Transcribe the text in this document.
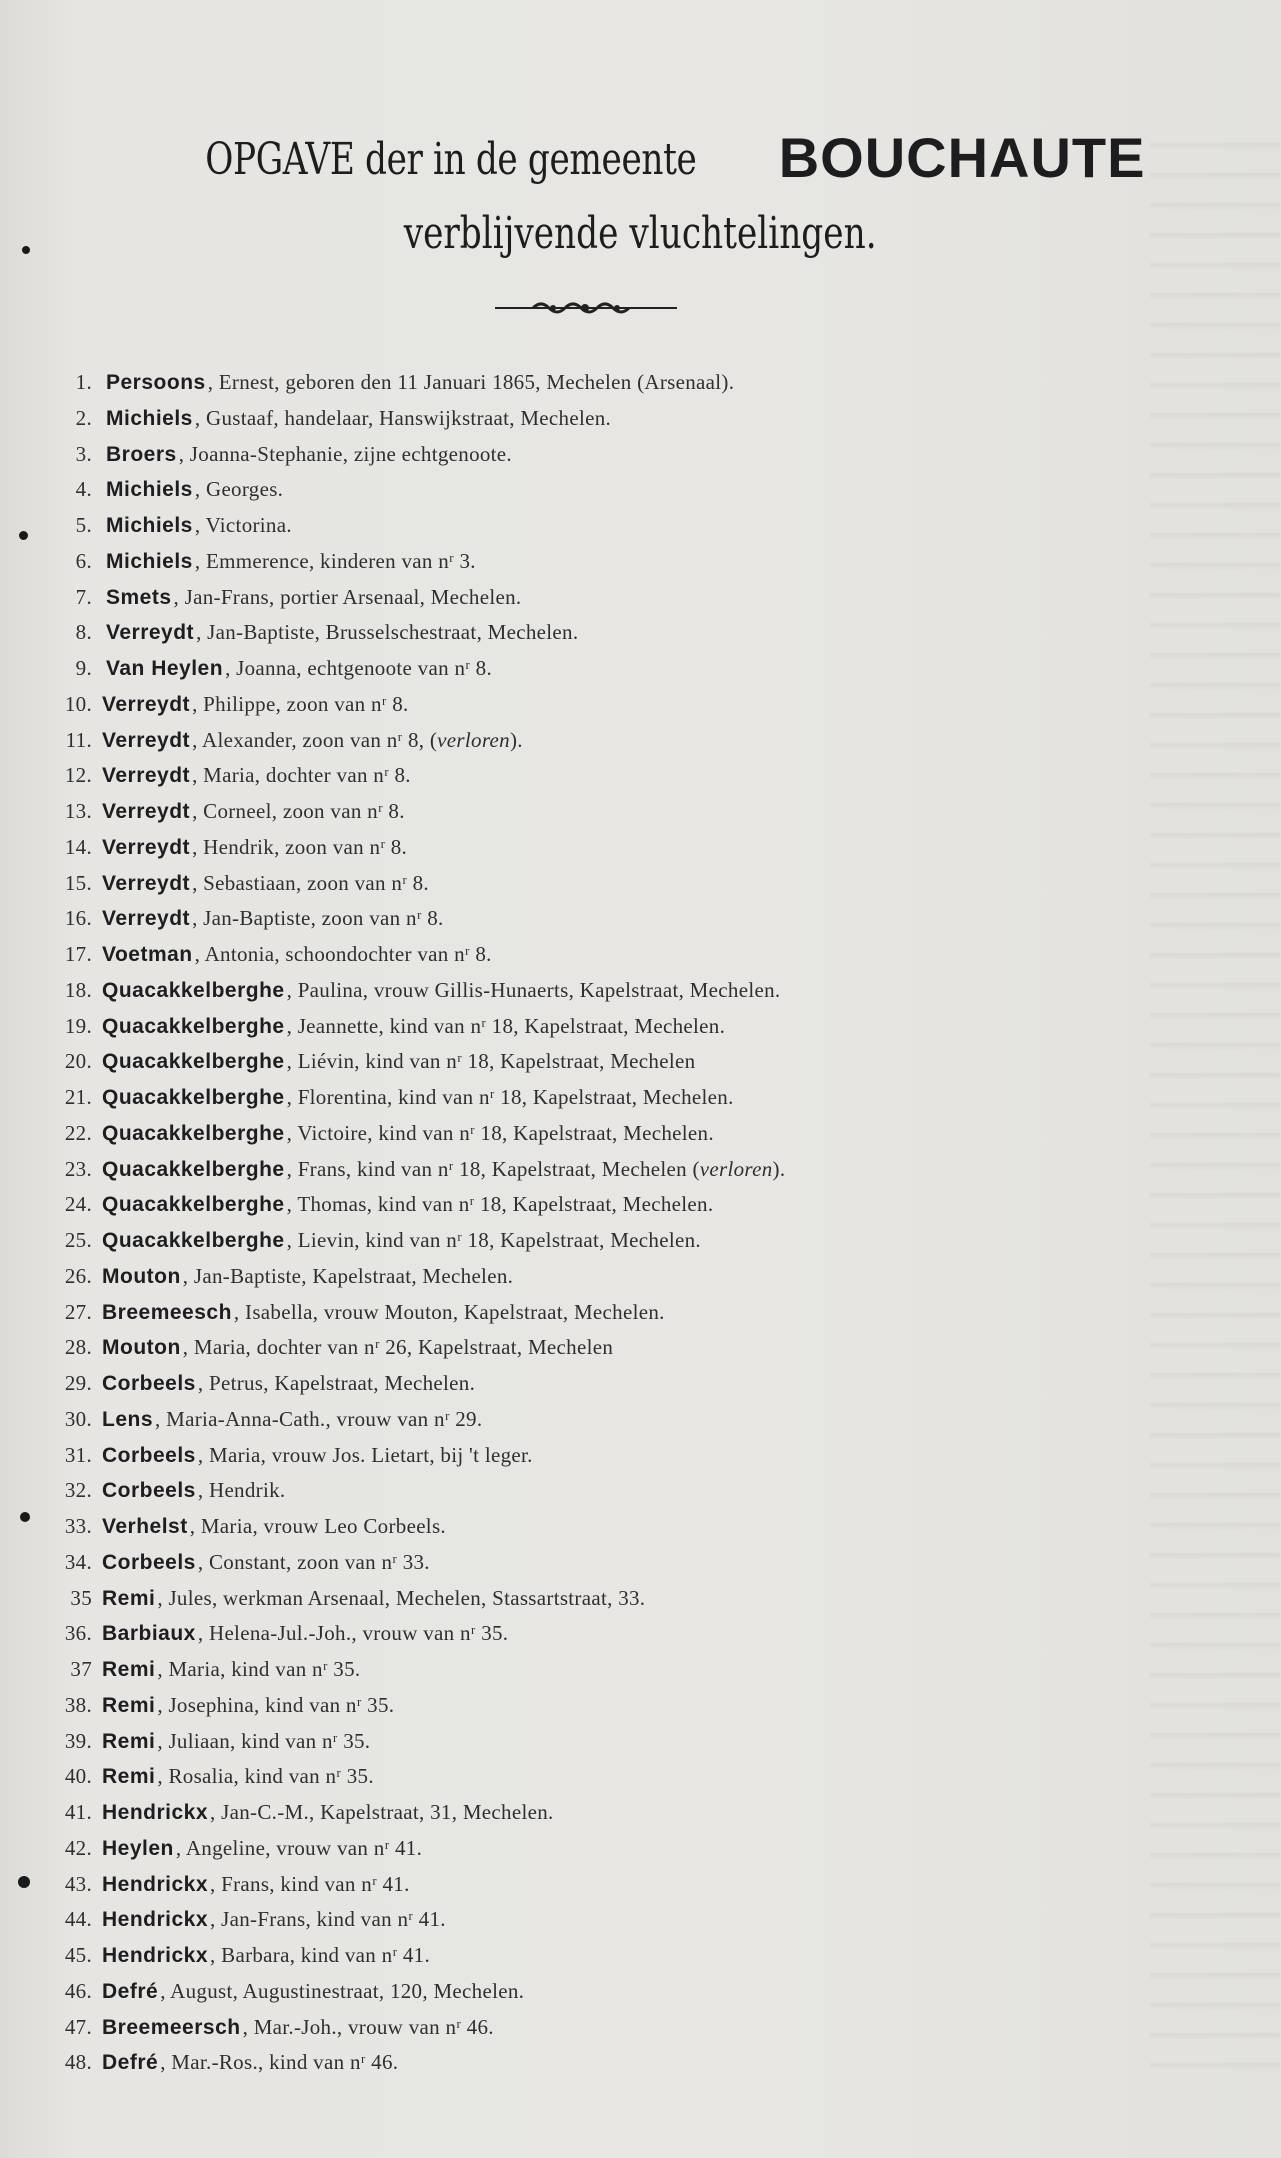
OPGAVE der in de gemeente BOUCHAUTE
verblijvende vluchtelingen.
1. Persoons, Ernest, geboren den 11 Januari 1865, Mechelen (Arsenaal).
2. Michiels, Gustaaf, handelaar, Hanswijkstraat, Mechelen.
3. Broers, Joanna-Stephanie, zijne echtgenoote.
4. Michiels, Georges.
5. Michiels, Victorina.
6. Michiels, Emmerence, kinderen van nʳ 3.
7. Smets, Jan-Frans, portier Arsenaal, Mechelen.
8. Verreydt, Jan-Baptiste, Brusselschestraat, Mechelen.
9. Van Heylen, Joanna, echtgenoote van nʳ 8.
10. Verreydt, Philippe, zoon van nʳ 8.
11. Verreydt, Alexander, zoon van nʳ 8, (verloren).
12. Verreydt, Maria, dochter van nʳ 8.
13. Verreydt, Corneel, zoon van nʳ 8.
14. Verreydt, Hendrik, zoon van nʳ 8.
15. Verreydt, Sebastiaan, zoon van nʳ 8.
16. Verreydt, Jan-Baptiste, zoon van nʳ 8.
17. Voetman, Antonia, schoondochter van nʳ 8.
18. Quacakkelberghe, Paulina, vrouw Gillis-Hunaerts, Kapelstraat, Mechelen.
19. Quacakkelberghe, Jeannette, kind van nʳ 18, Kapelstraat, Mechelen.
20. Quacakkelberghe, Liévin, kind van nʳ 18, Kapelstraat, Mechelen
21. Quacakkelberghe, Florentina, kind van nʳ 18, Kapelstraat, Mechelen.
22. Quacakkelberghe, Victoire, kind van nʳ 18, Kapelstraat, Mechelen.
23. Quacakkelberghe, Frans, kind van nʳ 18, Kapelstraat, Mechelen (verloren).
24. Quacakkelberghe, Thomas, kind van nʳ 18, Kapelstraat, Mechelen.
25. Quacakkelberghe, Lievin, kind van nʳ 18, Kapelstraat, Mechelen.
26. Mouton, Jan-Baptiste, Kapelstraat, Mechelen.
27. Breemeesch, Isabella, vrouw Mouton, Kapelstraat, Mechelen.
28. Mouton, Maria, dochter van nʳ 26, Kapelstraat, Mechelen
29. Corbeels, Petrus, Kapelstraat, Mechelen.
30. Lens, Maria-Anna-Cath., vrouw van nʳ 29.
31. Corbeels, Maria, vrouw Jos. Lietart, bij 't leger.
32. Corbeels, Hendrik.
33. Verhelst, Maria, vrouw Leo Corbeels.
34. Corbeels, Constant, zoon van nʳ 33.
35 Remi, Jules, werkman Arsenaal, Mechelen, Stassartstraat, 33.
36. Barbiaux, Helena-Jul.-Joh., vrouw van nʳ 35.
37 Remi, Maria, kind van nʳ 35.
38. Remi, Josephina, kind van nʳ 35.
39. Remi, Juliaan, kind van nʳ 35.
40. Remi, Rosalia, kind van nʳ 35.
41. Hendrickx, Jan-C.-M., Kapelstraat, 31, Mechelen.
42. Heylen, Angeline, vrouw van nʳ 41.
43. Hendrickx, Frans, kind van nʳ 41.
44. Hendrickx, Jan-Frans, kind van nʳ 41.
45. Hendrickx, Barbara, kind van nʳ 41.
46. Defré, August, Augustinestraat, 120, Mechelen.
47. Breemeersch, Mar.-Joh., vrouw van nʳ 46.
48. Defré, Mar.-Ros., kind van nʳ 46.
